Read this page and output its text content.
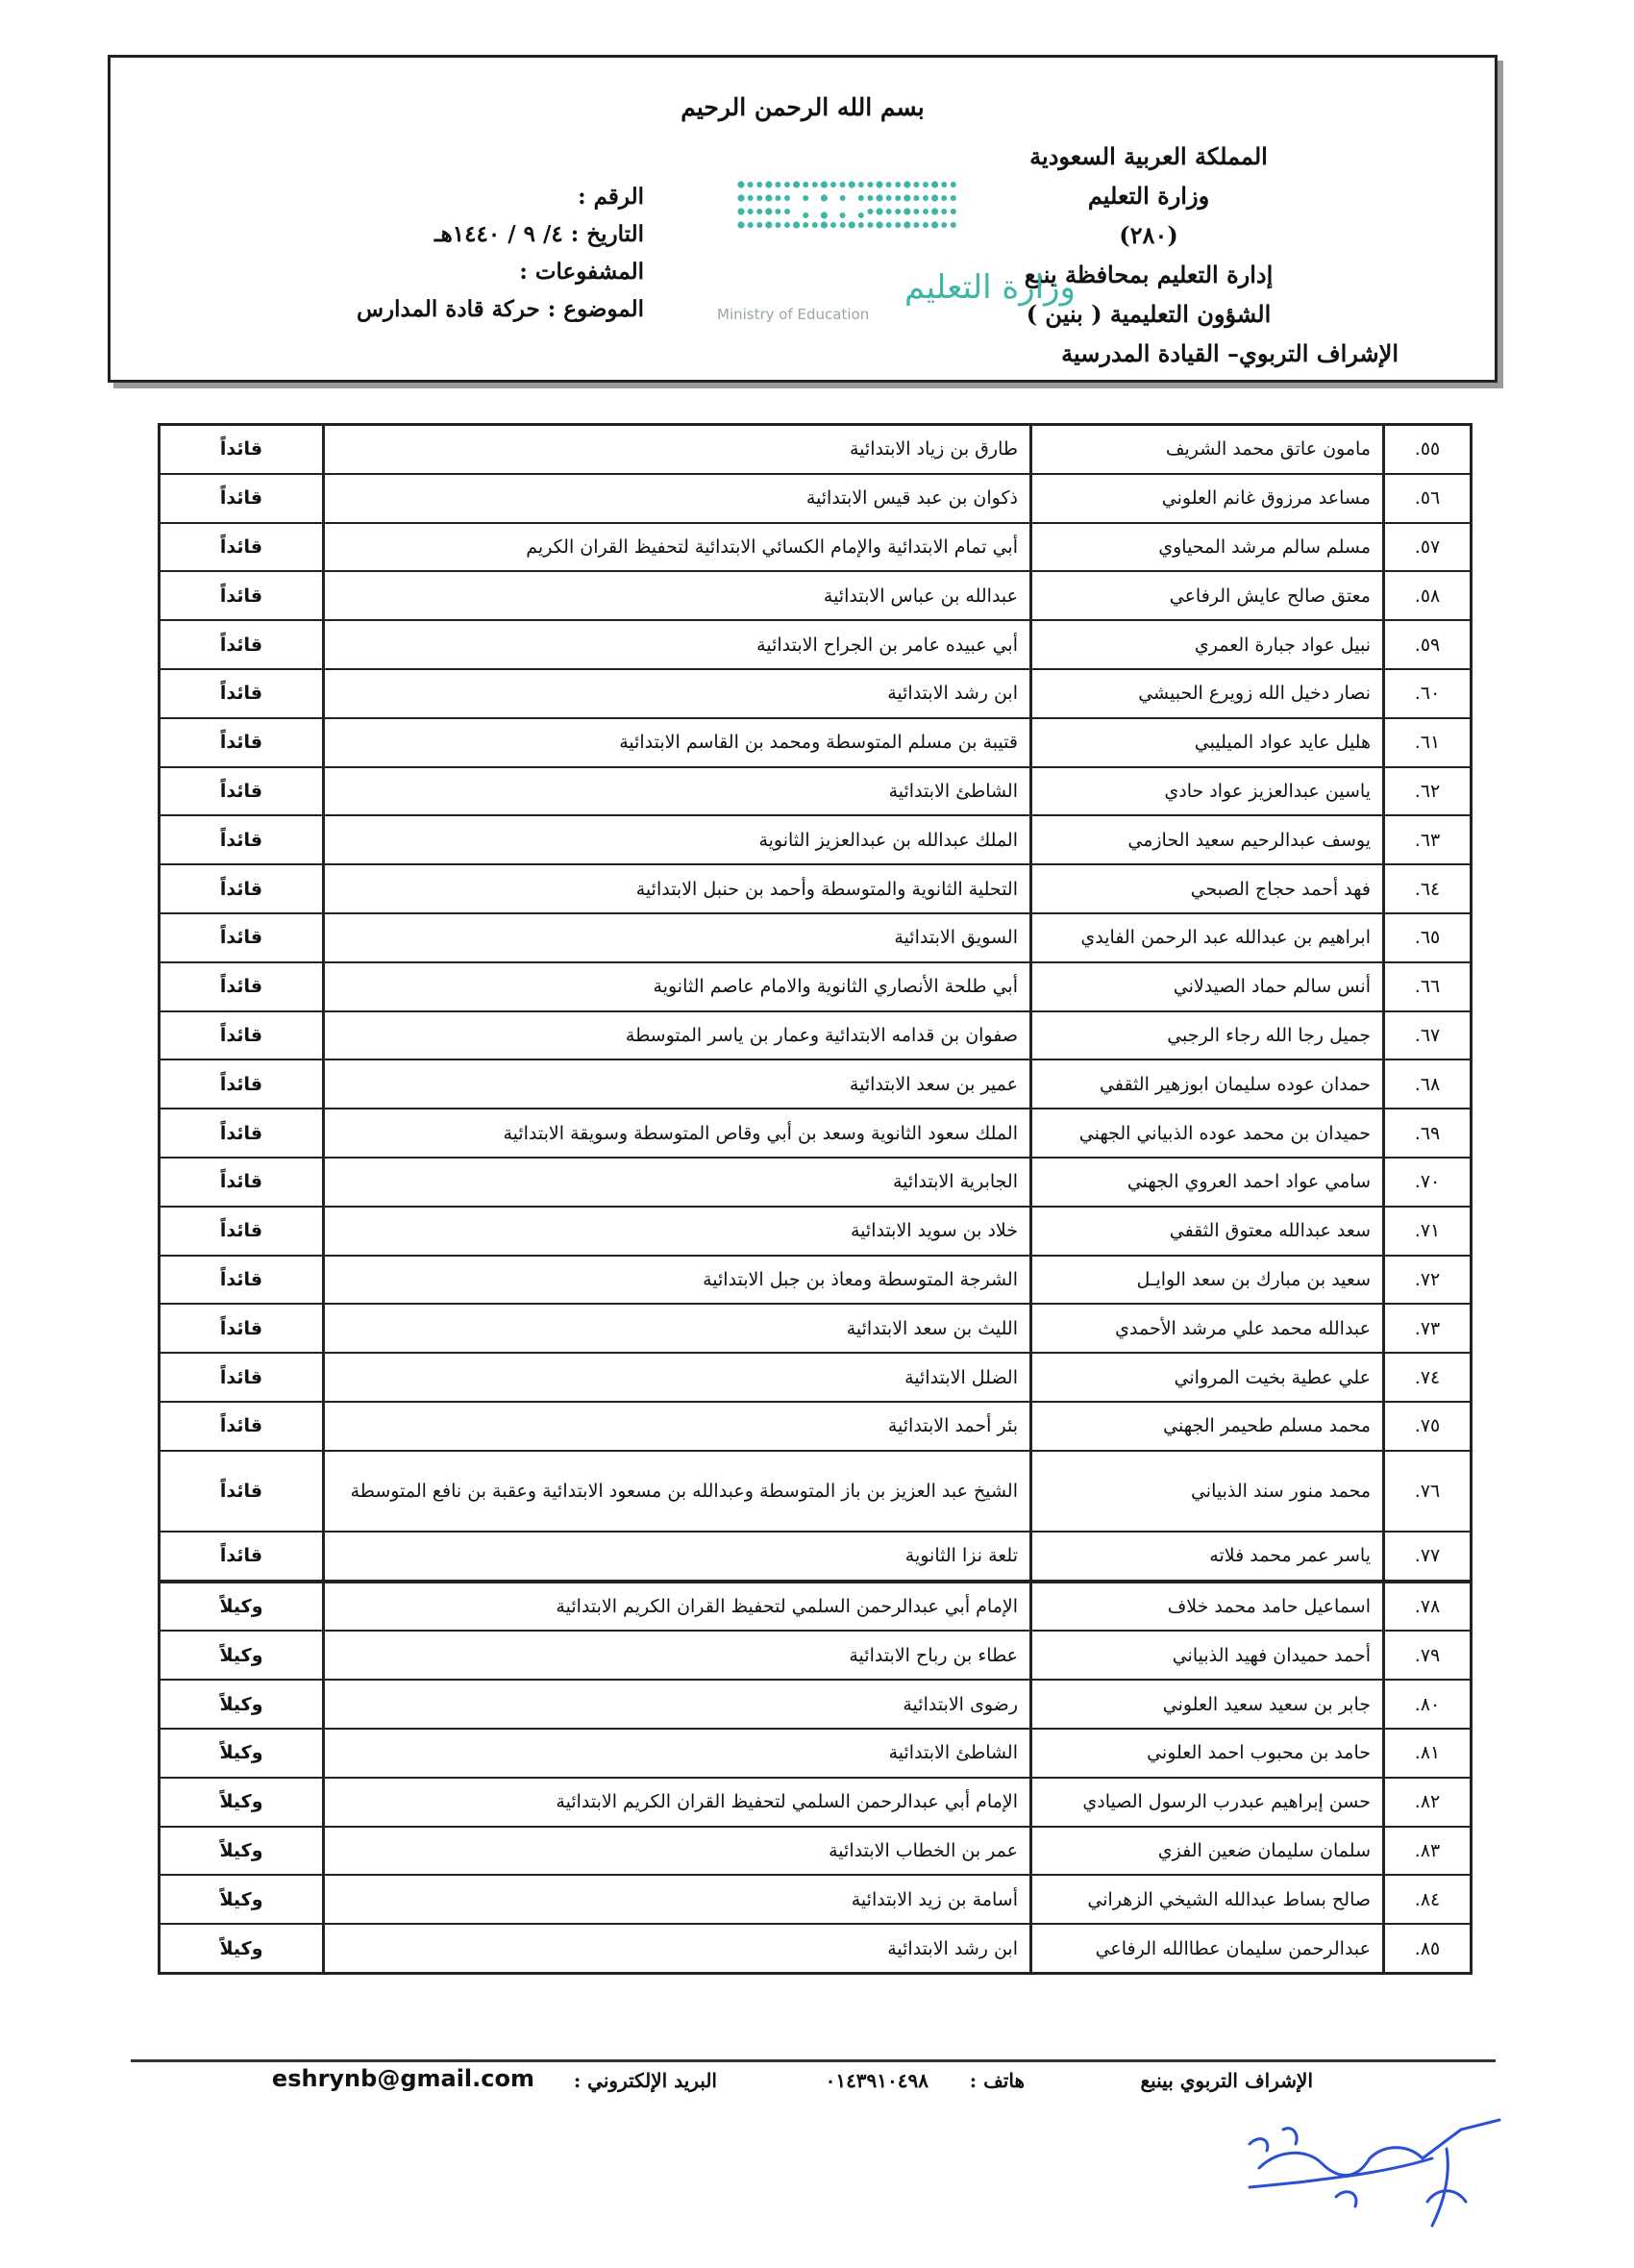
بسم الله الرحمن الرحيم
المملكة العربية السعودية
وزارة التعليم
(٢٨٠)
إدارة التعليم بمحافظة ينبع
الشؤون التعليمية ( بنين )
الإشراف التربوي– القيادة المدرسية
الرقم :
التاريخ : ٤/ ٩ / ١٤٤٠هـ
المشفوعات :
الموضوع : حركة قادة المدارس
وزارة التعليم
Ministry of Education
٥٥.	مامون عاتق محمد الشريف	طارق بن زياد الابتدائية	قائداً
٥٦.	مساعد مرزوق غانم العلوني	ذكوان بن عبد قيس الابتدائية	قائداً
٥٧.	مسلم سالم مرشد المحياوي	أبي تمام الابتدائية والإمام الكسائي الابتدائية لتحفيظ القران الكريم	قائداً
٥٨.	معتق صالح عايش الرفاعي	عبدالله بن عباس الابتدائية	قائداً
٥٩.	نبيل عواد جبارة العمري	أبي عبيده عامر بن الجراح الابتدائية	قائداً
٦٠.	نصار دخيل الله زويرع الحبيشي	ابن رشد الابتدائية	قائداً
٦١.	هليل عايد عواد الميليبي	قتيبة بن مسلم المتوسطة ومحمد بن القاسم الابتدائية	قائداً
٦٢.	ياسين عبدالعزيز عواد حادي	الشاطئ الابتدائية	قائداً
٦٣.	يوسف عبدالرحيم سعيد الحازمي	الملك عبدالله بن عبدالعزيز الثانوية	قائداً
٦٤.	فهد أحمد حجاج الصبحي	التحلية الثانوية والمتوسطة وأحمد بن حنبل الابتدائية	قائداً
٦٥.	ابراهيم بن عبدالله عبد الرحمن الفايدي	السويق الابتدائية	قائداً
٦٦.	أنس سالم حماد الصيدلاني	أبي طلحة الأنصاري الثانوية والامام عاصم الثانوية	قائداً
٦٧.	جميل رجا الله رجاء الرجبي	صفوان بن قدامه الابتدائية وعمار بن ياسر المتوسطة	قائداً
٦٨.	حمدان عوده سليمان ابوزهير الثقفي	عمير بن سعد الابتدائية	قائداً
٦٩.	حميدان بن محمد عوده الذبياني الجهني	الملك سعود الثانوية وسعد بن أبي وقاص المتوسطة وسويقة الابتدائية	قائداً
٧٠.	سامي عواد احمد العروي الجهني	الجابرية الابتدائية	قائداً
٧١.	سعد عبدالله معتوق الثقفي	خلاد بن سويد الابتدائية	قائداً
٧٢.	سعيد بن مبارك بن سعد الوايـﻞ	الشرجة المتوسطة ومعاذ بن جبل الابتدائية	قائداً
٧٣.	عبدالله محمد علي مرشد الأحمدي	الليث بن سعد الابتدائية	قائداً
٧٤.	علي عطية بخيت المرواني	الضلل الابتدائية	قائداً
٧٥.	محمد مسلم طحيمر الجهني	بئر أحمد الابتدائية	قائداً
٧٦.	محمد منور سند الذبياني	الشيخ عبد العزيز بن باز المتوسطة وعبدالله بن مسعود الابتدائية وعقبة بن نافع المتوسطة	قائداً
٧٧.	ياسر عمر محمد فلاته	تلعة نزا الثانوية	قائداً
٧٨.	اسماعيل حامد محمد خلاف	الإمام أبي عبدالرحمن السلمي لتحفيظ القران الكريم الابتدائية	وكيلاً
٧٩.	أحمد حميدان فهيد الذبياني	عطاء بن رباح الابتدائية	وكيلاً
٨٠.	جابر بن سعيد سعيد العلوني	رضوى الابتدائية	وكيلاً
٨١.	حامد بن محبوب احمد العلوني	الشاطئ الابتدائية	وكيلاً
٨٢.	حسن إبراهيم عبدرب الرسول الصيادي	الإمام أبي عبدالرحمن السلمي لتحفيظ القران الكريم الابتدائية	وكيلاً
٨٣.	سلمان سليمان ضعين الفزي	عمر بن الخطاب الابتدائية	وكيلاً
٨٤.	صالح بساط عبدالله الشيخي الزهراني	أسامة بن زيد الابتدائية	وكيلاً
٨٥.	عبدالرحمن سليمان عطاالله الرفاعي	ابن رشد الابتدائية	وكيلاً
الإشراف التربوي بينبع
هاتف :
٠١٤٣٩١٠٤٩٨
البريد الإلكتروني :
eshrynb@gmail.com
